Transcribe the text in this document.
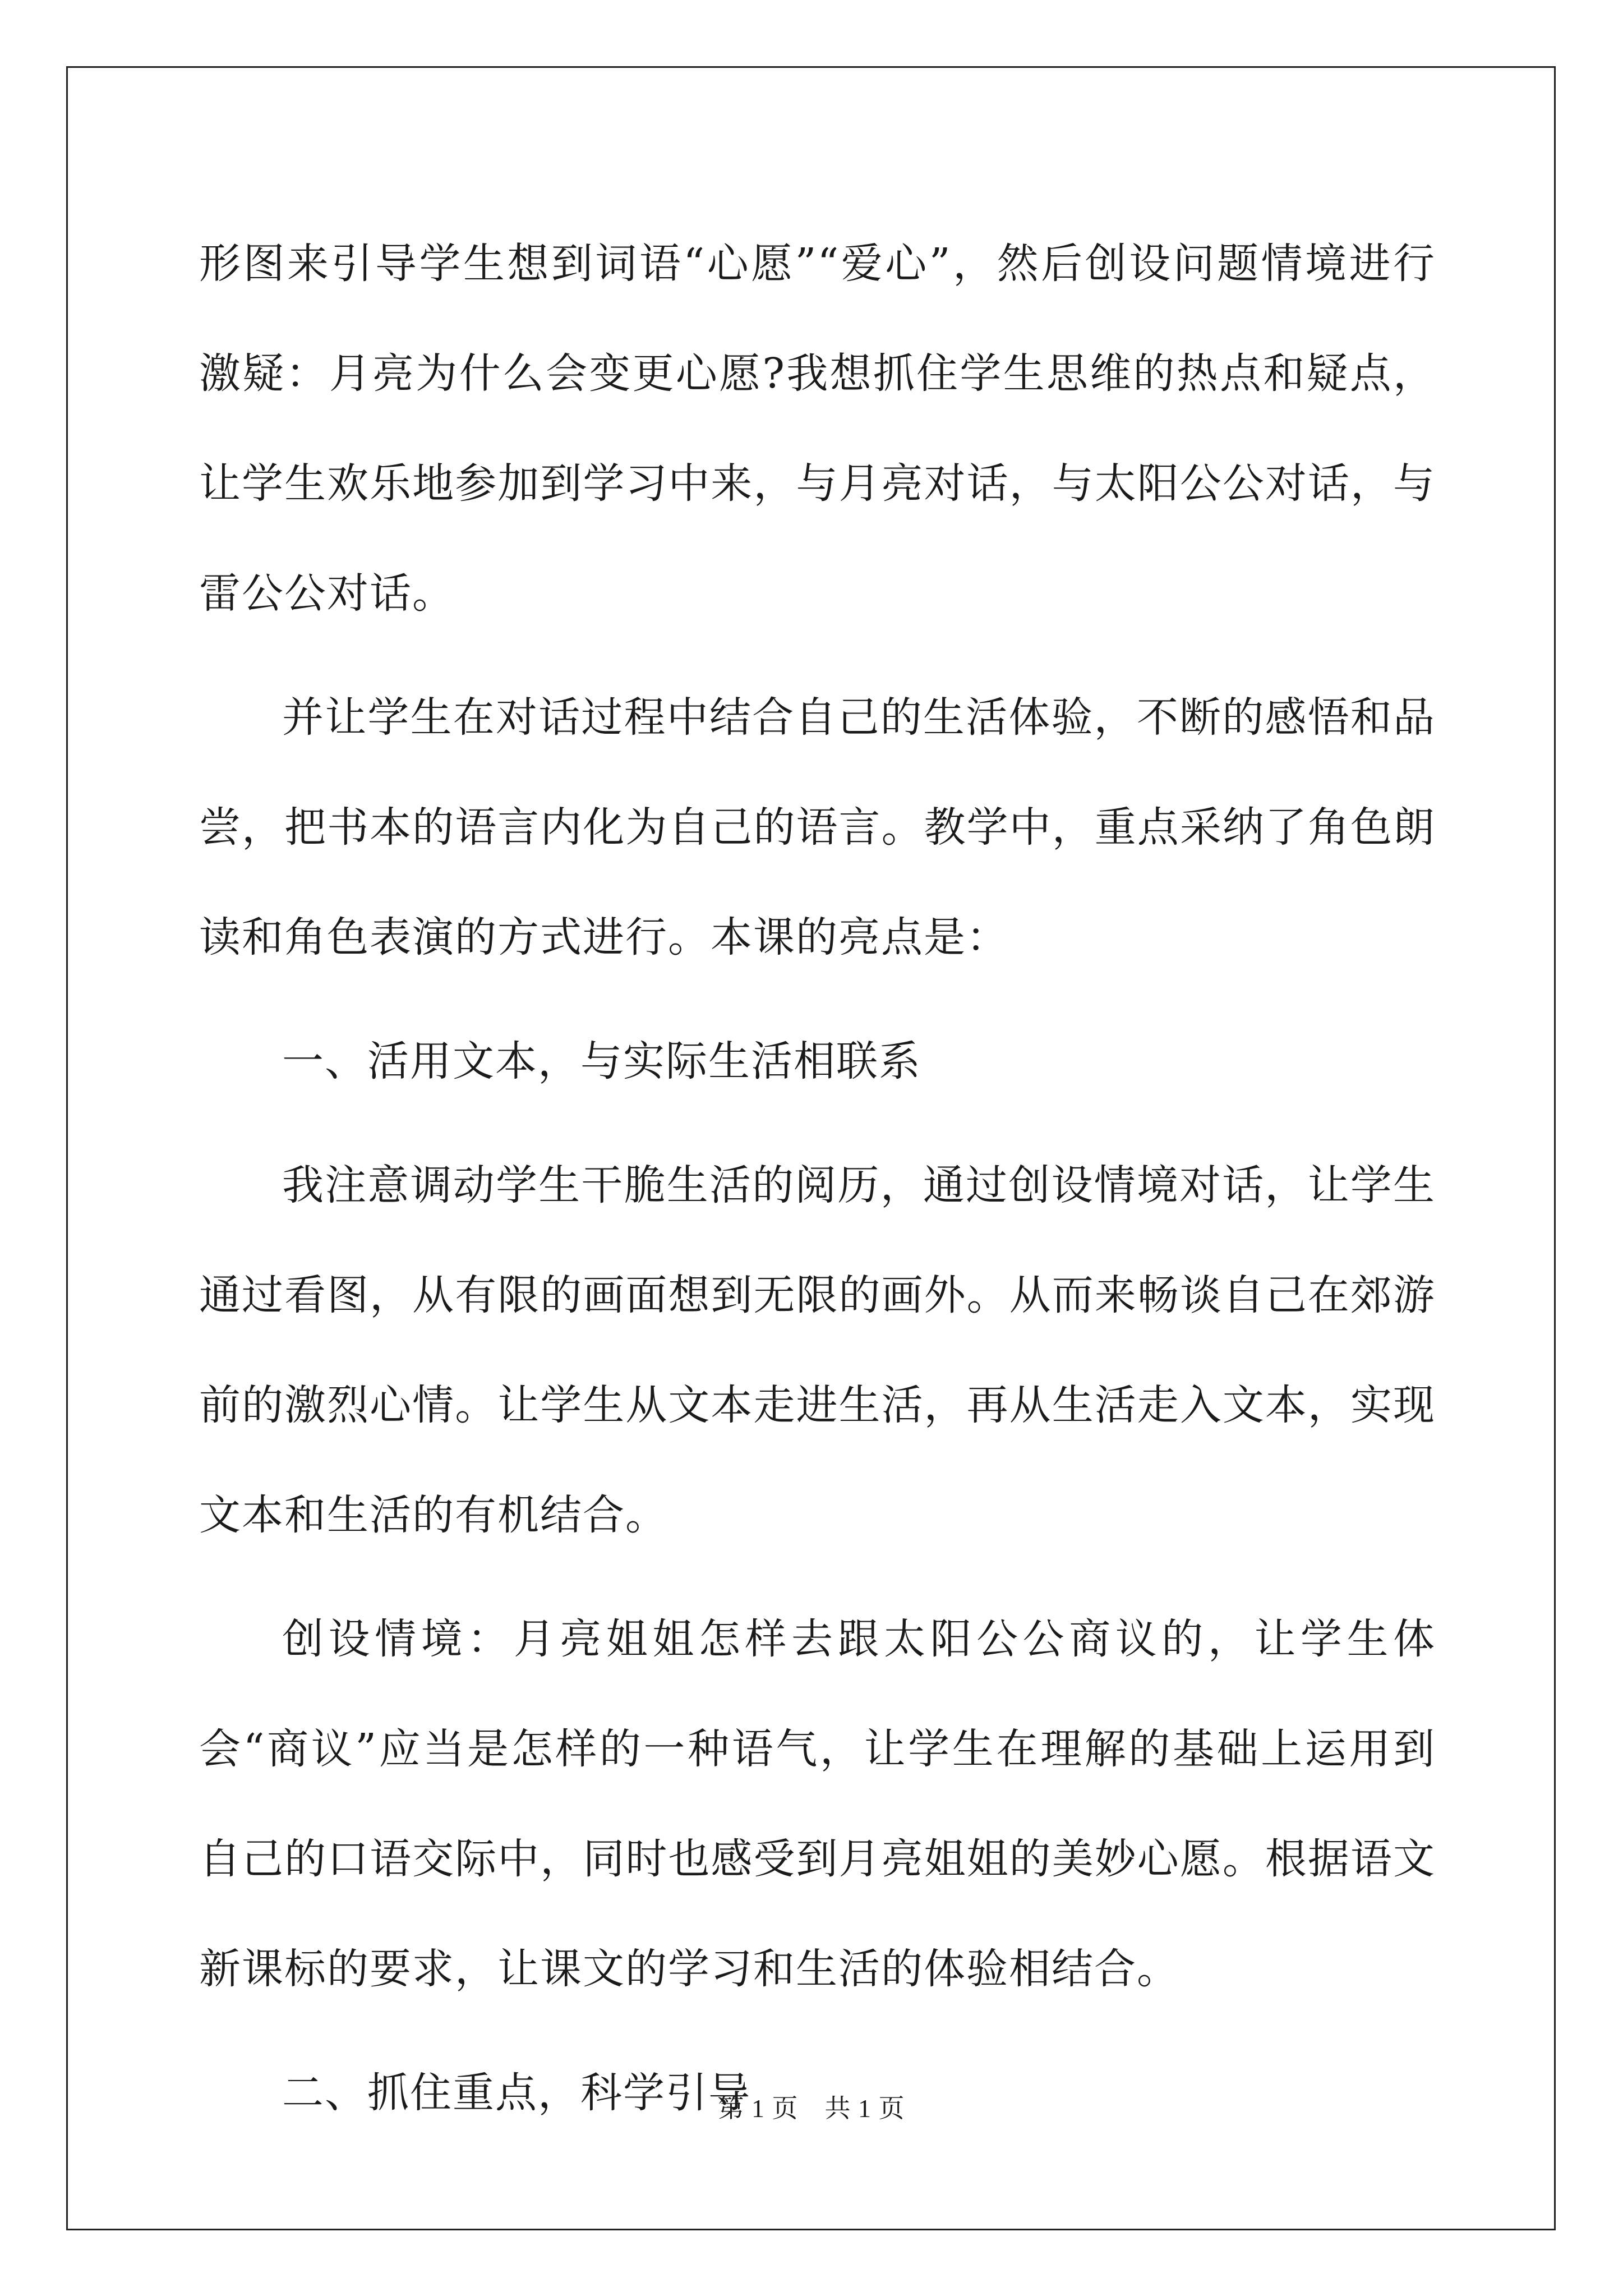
形图来引导学生想到词语“心愿”“爱心”，然后创设问题情境进行激疑：月亮为什么会变更心愿?我想抓住学生思维的热点和疑点，让学生欢乐地参加到学习中来，与月亮对话，与太阳公公对话，与雷公公对话。

并让学生在对话过程中结合自己的生活体验，不断的感悟和品尝，把书本的语言内化为自己的语言。教学中，重点采纳了角色朗读和角色表演的方式进行。本课的亮点是：

一、活用文本，与实际生活相联系

我注意调动学生干脆生活的阅历，通过创设情境对话，让学生通过看图，从有限的画面想到无限的画外。从而来畅谈自己在郊游前的激烈心情。让学生从文本走进生活，再从生活走入文本，实现文本和生活的有机结合。

创设情境：月亮姐姐怎样去跟太阳公公商议的，让学生体会“商议”应当是怎样的一种语气，让学生在理解的基础上运用到自己的口语交际中，同时也感受到月亮姐姐的美妙心愿。根据语文新课标的要求，让课文的学习和生活的体验相结合。

二、抓住重点，科学引导

第 1 页　共 1 页
